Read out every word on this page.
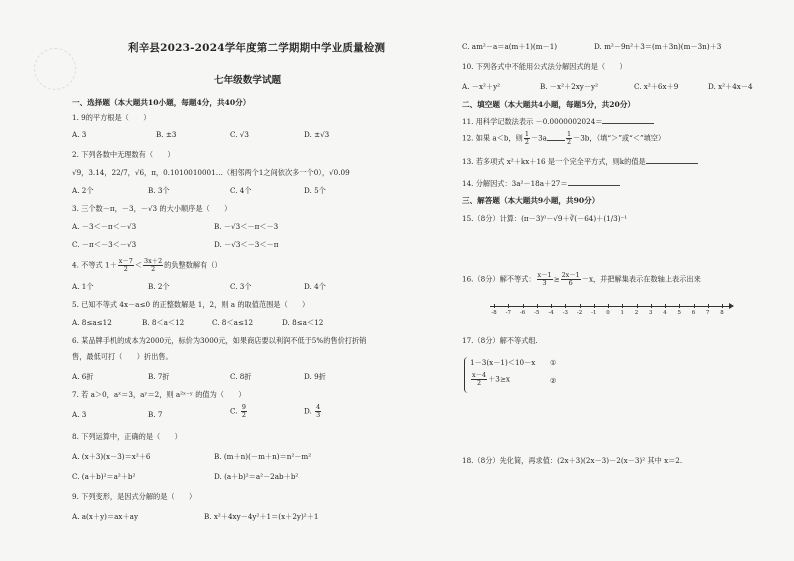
利辛县2023-2024学年度第二学期期中学业质量检测
七年级数学试题
一、选择题（本大题共10小题，每题4分，共40分）
1. 9的平方根是（　　）
A. 3	B. ±3	C. √3	D. ±√3
2. 下列各数中无理数有（　　）
√9，3.14，22/7，√6，π，0.1010010001…（相邻两个1之间依次多一个0），√0.09
A. 2个	B. 3个	C. 4个	D. 5个
3. 三个数－π，－3，－√3 的大小顺序是（　　）
A. －3＜－π＜－√3	B. －√3＜－π＜－3
C. －π＜－3＜－√3	D. －√3＜－3＜－π
4. 不等式 $1+ \frac{x-7}{2} < \frac{3x+2}{2}$ 的负整数解有（）
A. 1个	B. 2个	C. 3个	D. 4个
5. 已知不等式 4x－a≤0 的正整数解是 1，2，则 a 的取值范围是（　　）
A. 8≤a≤12	B. 8＜a＜12	C. 8＜a≤12	D. 8≤a＜12
6. 某品牌手机的成本为2000元，标价为3000元，如果商店要以利润不低于5%的售价打折销
售，最低可打（　　）折出售。
A. 6折	B. 7折	C. 8折	D. 9折
7. 若 a＞0，aˣ＝3，aʸ＝2，则 a²ˣ⁻ʸ 的值为（　　）
A. 3	B. 7	C. $\frac{9}{2}$	D. $\frac{4}{3}$
8. 下列运算中，正确的是（　　）
A. (x＋3)(x－3)＝x²＋6	B. (m＋n)(－m＋n)＝n²－m²
C. (a＋b)²＝a²＋b²	D. (a＋b)²＝a²－2ab＋b²
9. 下列变形，是因式分解的是（　　）
A. a(x＋y)＝ax＋ay	B. x²＋4xy－4y²＋1＝(x＋2y)²＋1
C. am²－a＝a(m＋1)(m－1)	D. m²－9n²＋3＝(m＋3n)(m－3n)＋3
10. 下列各式中不能用公式法分解因式的是（　　）
A. －x²＋y²	B. －x²＋2xy－y²	C. x²＋6x＋9	D. x²＋4x－4
二、填空题（本大题共4小题，每题5分，共20分）
11. 用科学记数法表示 －0.0000002024＝
12. 如果 a＜b，则 $\frac{1}{2} -3a$	$\frac{1}{2} -3b$，（填“＞”或“＜”填空）
13. 若多项式 x²＋kx＋16 是一个完全平方式，则k的值是
14. 分解因式：3a²－18a＋27＝
三、解答题（本大题共9小题，共90分）
15.（8分）计算：(π－3)⁰－√9＋∛(－64)＋(1/3)⁻¹
16.（8分）解不等式： $\frac{x-1}{3} \ge \frac{2x-1}{6} -x$，并把解集表示在数轴上表示出来
-8 -7 -6 -5 -4 -3 -2 -1 0 1 2 3 4 5 6 7 8
17.（8分）解不等式组.
1－3(x－1)＜10－x ①
$\frac{x-4}{2} +3\ge x$	②
18.（8分）先化简，再求值：(2x＋3)(2x－3)－2(x－3)² 其中 x＝2.
